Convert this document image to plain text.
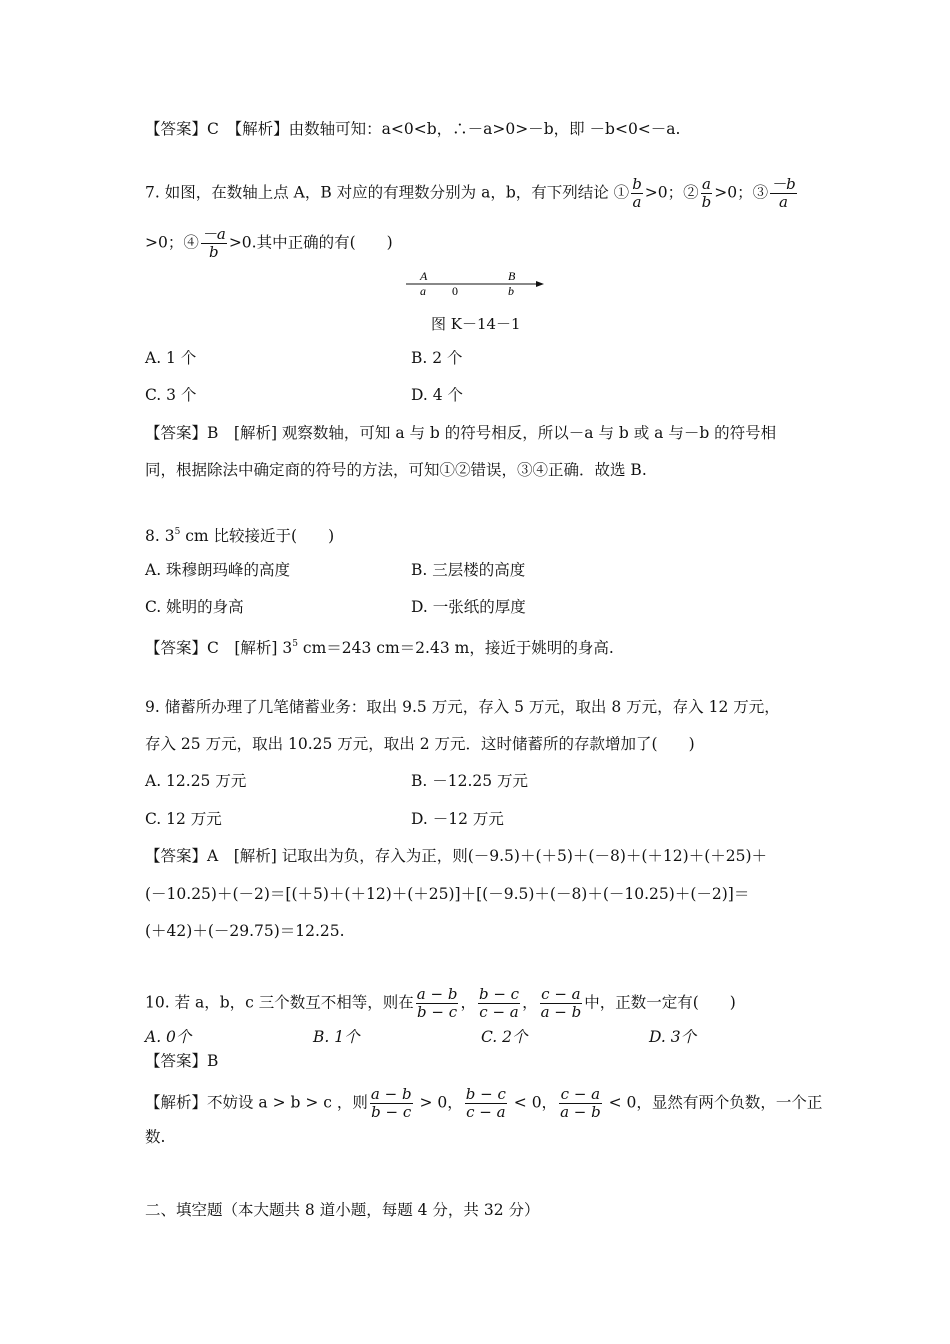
【答案】C　【解析】由数轴可知：a<0<b，∴－a>0>－b，即 －b<0<－a.
7. 如图，在数轴上点 A，B 对应的有理数分别为 a，b，有下列结论 ① $\frac{b}{a} >0$；② $\frac{a}{b} >0$；③ $\frac{-b}{a}$
>0；④ $\frac{-a}{b} >0$.其中正确的有(　　)
A
a 0
B
b
图 K－14－1
A. 1 个	B. 2 个
C. 3 个	D. 4 个
【答案】B　[解析] 观察数轴，可知 a 与 b 的符号相反，所以－a 与 b 或 a 与－b 的符号相
同，根据除法中确定商的符号的方法，可知①②错误，③④正确．故选 B.
8. $3^5$ cm 比较接近于(　　)
A. 珠穆朗玛峰的高度	B. 三层楼的高度
C. 姚明的身高	D. 一张纸的厚度
【答案】C　[解析] $3^5$ cm＝243 cm＝2.43 m，接近于姚明的身高.
9. 储蓄所办理了几笔储蓄业务：取出 9.5 万元，存入 5 万元，取出 8 万元，存入 12 万元，
存入 25 万元，取出 10.25 万元，取出 2 万元．这时储蓄所的存款增加了(　　)
A. 12.25 万元	B. －12.25 万元
C. 12 万元	D. －12 万元
【答案】A　[解析] 记取出为负，存入为正，则(－9.5)＋(＋5)＋(－8)＋(＋12)＋(＋25)＋
(－10.25)＋(－2)＝[(＋5)＋(＋12)＋(＋25)]＋[(－9.5)＋(－8)＋(－10.25)＋(－2)]＝
(＋42)＋(－29.75)＝12.25.
10. 若 a，b，c 三个数互不相等，则在 $\frac{a - b}{b - c}$ ， $\frac{b - c}{c - a}$ ， $\frac{c - a}{a - b}$ 中，正数一定有(　　)
A. 0个	B. 1个	C. 2个	D. 3个
【答案】B
【解析】不妨设 a > b > c ，则 $\frac{a - b}{b - c} > 0$， $\frac{b - c}{c - a} < 0$， $\frac{c - a}{a - b} < 0$，显然有两个负数，一个正
数.
二、填空题（本大题共 8 道小题，每题 4 分，共 32 分）
